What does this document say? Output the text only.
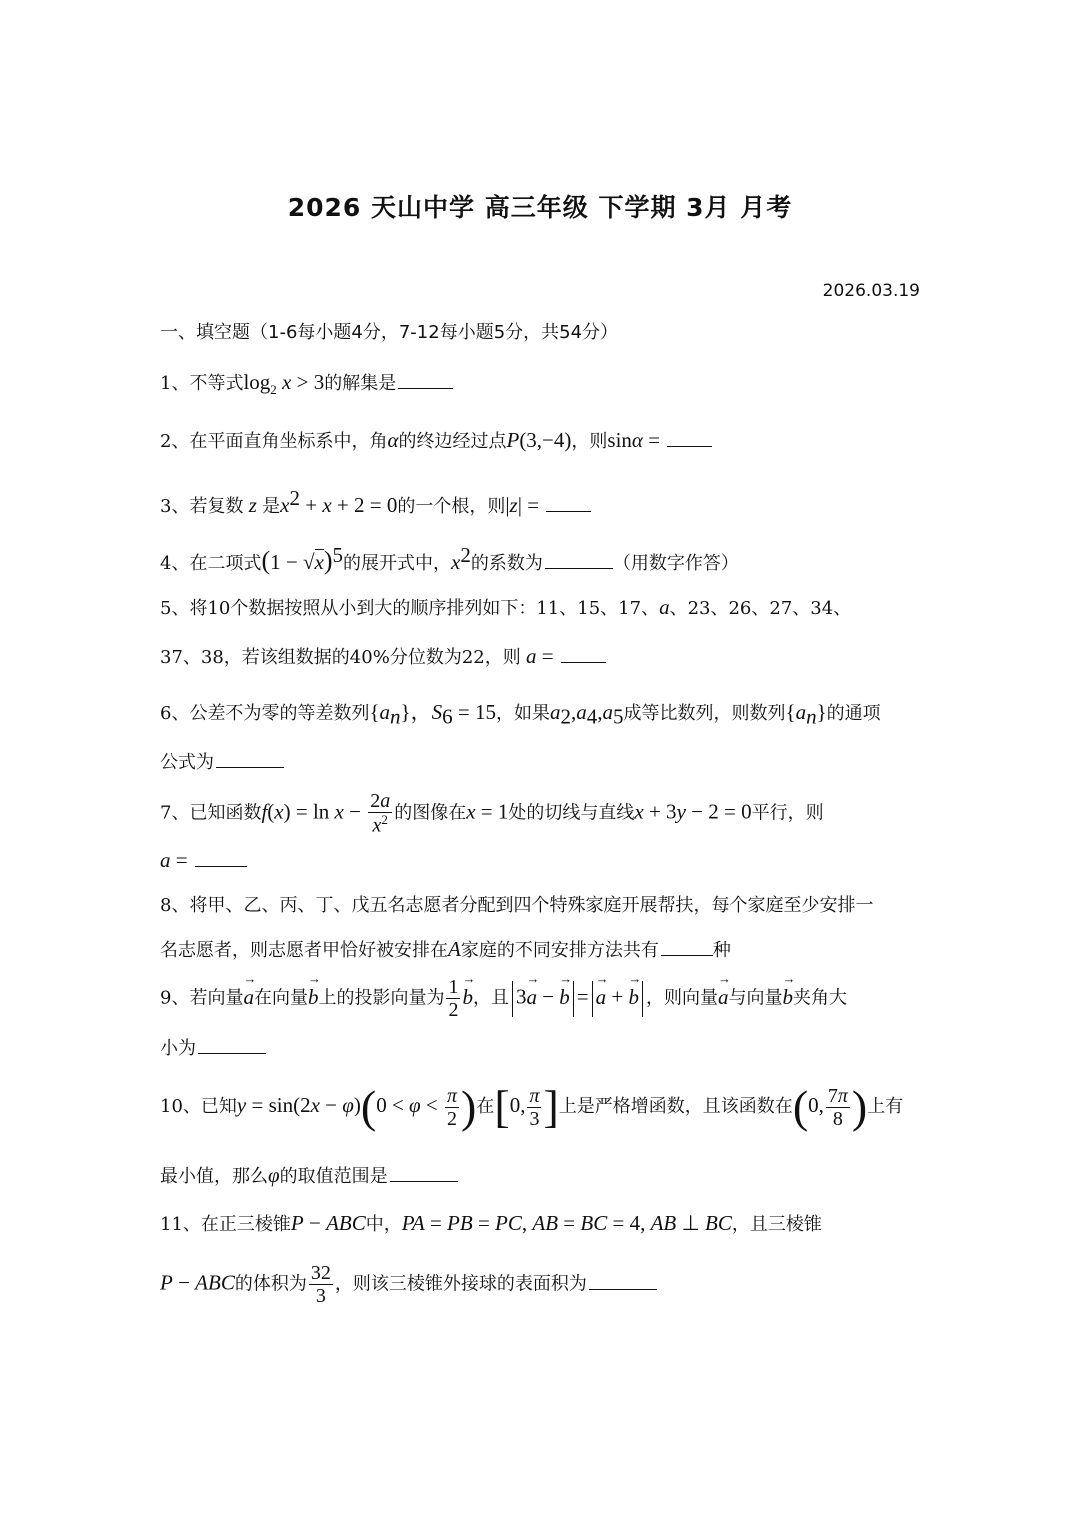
2026 天山中学 高三年级 下学期 3月 月考
2026.03.19
一、填空题（1-6每小题4分，7-12每小题5分，共54分）
1、不等式$\log_2 x > 3$的解集是
2、在平面直角坐标系中，角α的终边经过点P(3,−4)，则sinα =
3、若复数 z 是$x^2 + x + 2 = 0$的一个根，则|z| =
4、在二项式$(1 - √x)^5$的展开式中，$x^2$的系数为	（用数字作答）
5、将10个数据按照从小到大的顺序排列如下：11、15、17、a、23、26、27、34、
37、38，若该组数据的40%分位数为22，则 a =
6、公差不为零的等差数列$\{a_n\}$，$S_6 = 15$，如果$a_2,a_4,a_5$成等比数列，则数列$\{a_n\}$的通项
公式为
7、已知函数$f(x) = \ln x - \frac{2a}{x^2}$ 的图像在x = 1处的切线与直线x + 3y − 2 = 0平行，则
a =
8、将甲、乙、丙、丁、戊五名志愿者分配到四个特殊家庭开展帮扶，每个家庭至少安排一
名志愿者，则志愿者甲恰好被安排在A家庭的不同安排方法共有	种
9、若向量→ a在向量→ b上的投影向量为 $\frac{1}{2}$
→ b，且 3→ a − → b =→ a + → b ，则向量→ a与向量→ b夹角大
小为
10、已知$y = \sin(2x - \varphi)(0 < \varphi < \frac{\pi}{2}$ )在[0, $\frac{\pi}{3}$ ]上是严格增函数，且该函数在(0, $\frac{7\pi}{8}$ )上有
最小值，那么φ的取值范围是
11、在正三棱锥P − ABC中，PA = PB = PC, AB = BC = 4, AB ⊥ BC，且三棱锥
P − ABC的体积为 $\frac{32}{3}$ ，则该三棱锥外接球的表面积为
